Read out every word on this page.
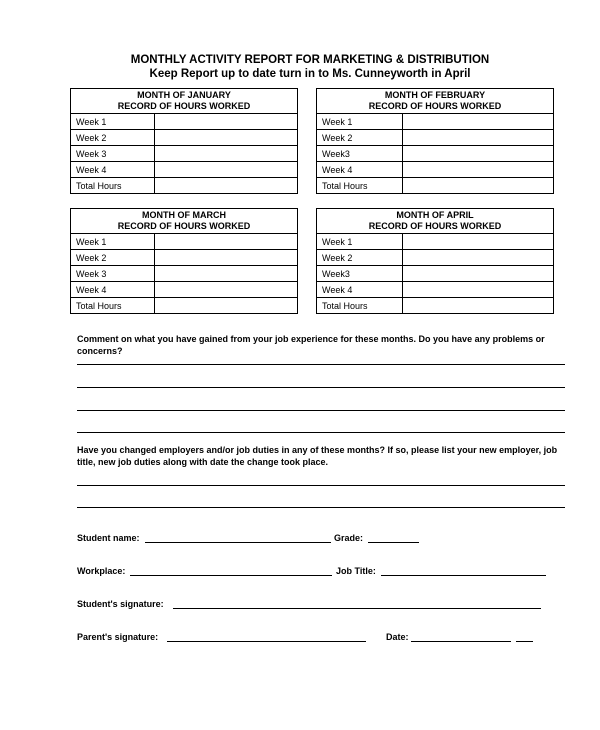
MONTHLY ACTIVITY REPORT FOR MARKETING & DISTRIBUTION
Keep Report up to date turn in to Ms. Cunneyworth in April
MONTH OF JANUARY
RECORD OF HOURS WORKED	

Week 1	
Week 2	
Week 3	
Week 4	
Total Hours	
MONTH OF FEBRUARY
RECORD OF HOURS WORKED	

Week 1	
Week 2	
Week3	
Week 4	
Total Hours	
MONTH OF MARCH
RECORD OF HOURS WORKED	

Week 1	
Week 2	
Week 3	
Week 4	
Total Hours	
MONTH OF APRIL
RECORD OF HOURS WORKED	

Week 1	
Week 2	
Week3	
Week 4	
Total Hours	
Comment on what you have gained from your job experience for these months. Do you have any problems or concerns?
Have you changed employers and/or job duties in any of these months? If so, please list your new employer, job title, new job duties along with date the change took place.
Student name:	Grade:
Workplace:	Job Title:
Student's signature:
Parent's signature:	Date:
